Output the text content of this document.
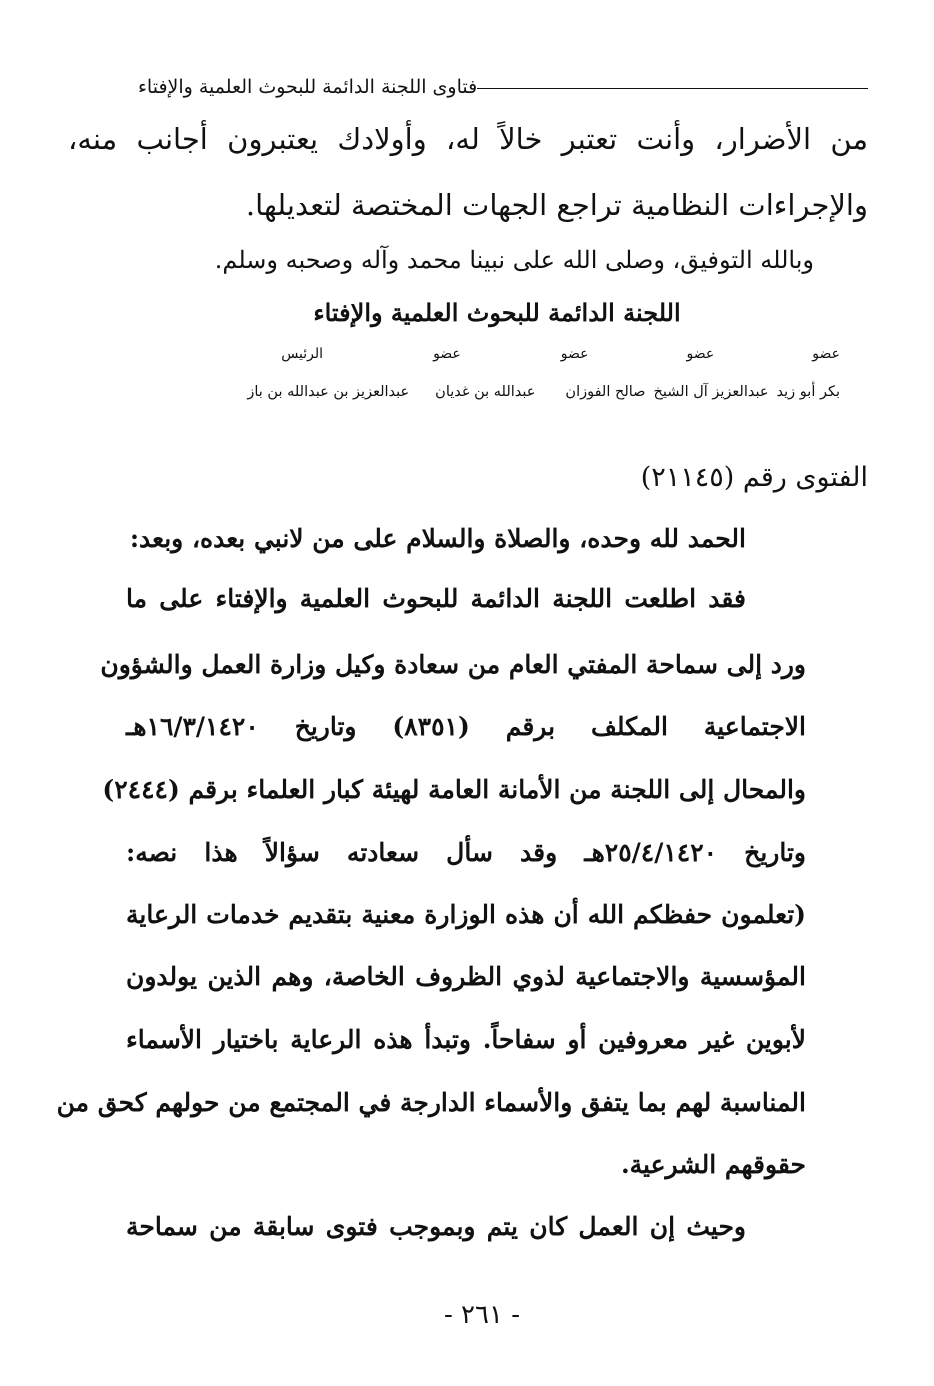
فتاوى اللجنة الدائمة للبحوث العلمية والإفتاء
من الأضرار، وأنت تعتبر خالاً له، وأولادك يعتبرون أجانب منه،
والإجراءات النظامية تراجع الجهات المختصة لتعديلها.
وبالله التوفيق، وصلى الله على نبينا محمد وآله وصحبه وسلم.
اللجنة الدائمة للبحوث العلمية والإفتاء
عضو
عضو
عضو
عضو
الرئيس
بكر أبو زيد
عبدالعزيز آل الشيخ
صالح الفوزان
عبدالله بن غديان
عبدالعزيز بن عبدالله بن باز
الفتوى رقم (٢١١٤٥)
الحمد لله وحده، والصلاة والسلام على من لانبي بعده، وبعد:
فقد اطلعت اللجنة الدائمة للبحوث العلمية والإفتاء على ما
ورد إلى سماحة المفتي العام من سعادة وكيل وزارة العمل والشؤون
الاجتماعية المكلف برقم (٨٣٥١) وتاريخ ١٦/٣/١٤٢٠هـ
والمحال إلى اللجنة من الأمانة العامة لهيئة كبار العلماء برقم (٢٤٤٤)
وتاريخ ٢٥/٤/١٤٢٠هـ وقد سأل سعادته سؤالاً هذا نصه:
(تعلمون حفظكم الله أن هذه الوزارة معنية بتقديم خدمات الرعاية
المؤسسية والاجتماعية لذوي الظروف الخاصة، وهم الذين يولدون
لأبوين غير معروفين أو سفاحاً. وتبدأ هذه الرعاية باختيار الأسماء
المناسبة لهم بما يتفق والأسماء الدارجة في المجتمع من حولهم كحق من
حقوقهم الشرعية.
وحيث إن العمل كان يتم وبموجب فتوى سابقة من سماحة
- ٢٦١ -
